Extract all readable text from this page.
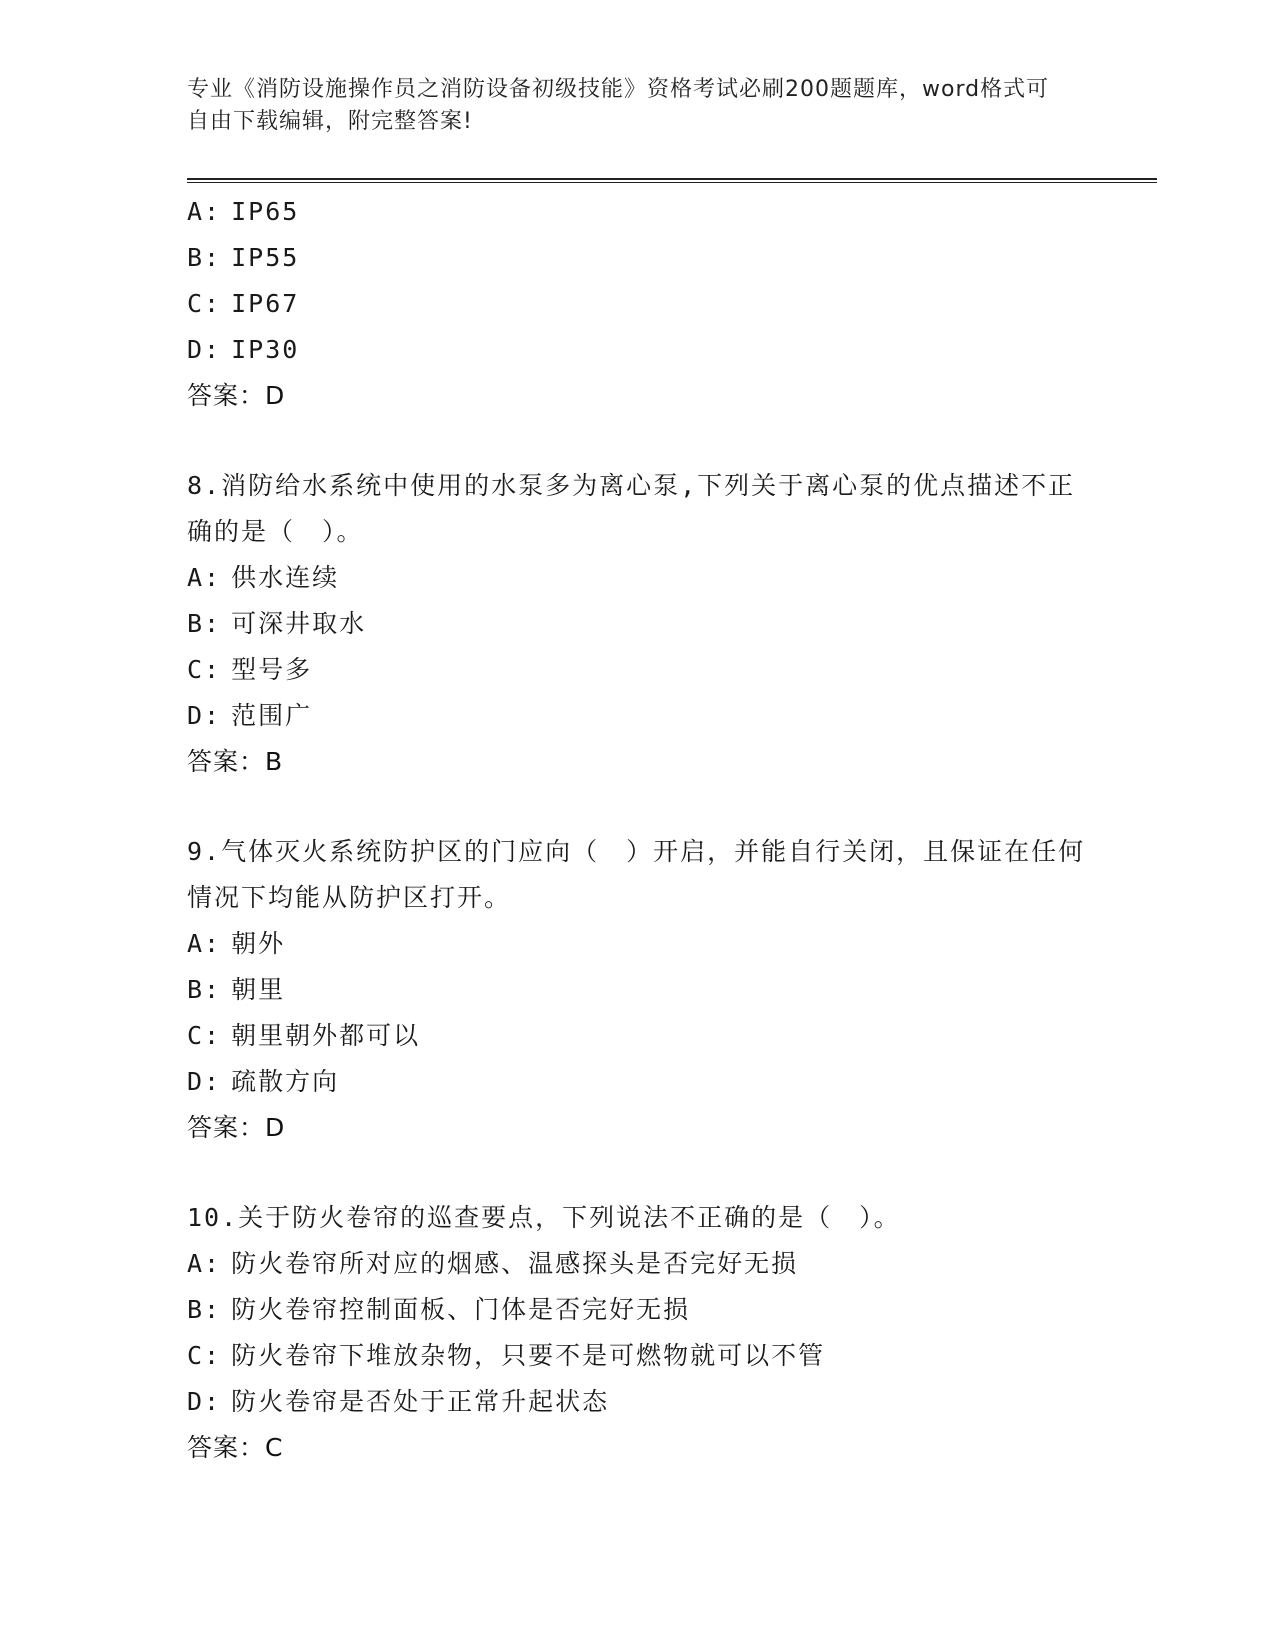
专业《消防设施操作员之消防设备初级技能》资格考试必刷200题题库，word格式可自由下载编辑，附完整答案!
A: IP65
B: IP55
C: IP67
D: IP30
答案：D
8.消防给水系统中使用的水泵多为离心泵,下列关于离心泵的优点描述不正确的是（　）。
A: 供水连续
B: 可深井取水
C: 型号多
D: 范围广
答案：B
9.气体灭火系统防护区的门应向（　）开启，并能自行关闭，且保证在任何情况下均能从防护区打开。
A: 朝外
B: 朝里
C: 朝里朝外都可以
D: 疏散方向
答案：D
10.关于防火卷帘的巡查要点，下列说法不正确的是（　）。
A: 防火卷帘所对应的烟感、温感探头是否完好无损
B: 防火卷帘控制面板、门体是否完好无损
C: 防火卷帘下堆放杂物，只要不是可燃物就可以不管
D: 防火卷帘是否处于正常升起状态
答案：C
